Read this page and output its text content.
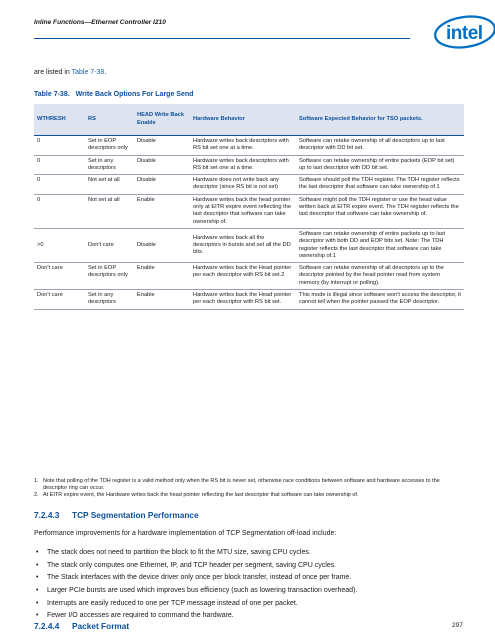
Inline Functions—Ethernet Controller I210
intel
are listed in Table 7-38.
Table 7-38. Write Back Options For Large Send
WTHRESH	RS	HEAD Write Back Enable	Hardware Behavior	Software Expected Behavior for TSO packets.
0	Set in EOP descriptors only	Disable	Hardware writes back descriptors with RS bit set one at a time.	Software can retake ownership of all descriptors up to last descriptor with DD bit set.
0	Set in any descriptors	Disable	Hardware writes back descriptors with RS bit set one at a time.	Software can retake ownership of entire packets (EOP bit set) up to last descriptor with DD bit set.
0	Not set at all	Disable	Hardware does not write back any descriptor (since RS bit is not set)	Software should poll the TDH register. The TDH register reflects the last descriptor that software can take ownership of.1
0	Not set at all	Enable	Hardware writes back the head pointer only at EITR expire event reflecting the last descriptor that software can take ownership of.	Software might poll the TDH register or use the head value written back at EITR expire event. The TDH register reflects the last descriptor that software can take ownership of.
>0	Don't care	Disable	Hardware writes back all the descriptors in bursts and set all the DD bits.	Software can retake ownership of entire packets up to last descriptor with both DD and EOP bits set. Note: The TDH register reflects the last descriptor that software can take ownership of.1
Don't care	Set in EOP descriptors only	Enable	Hardware writes back the Head pointer per each descriptor with RS bit set.2	Software can retake ownership of all descriptors up to the descriptor pointed by the head pointer read from system memory (by interrupt or polling).
Don't care	Set in any descriptors	Enable	Hardware writes back the Head pointer per each descriptor with RS bit set.	This mode is illegal since software won't access the descriptor, it cannot tell when the pointer passed the EOP descriptor.
1. Note that polling of the TDH register is a valid method only when the RS bit is never set, otherwise race conditions between software and hardware accesses to the descriptor ring can occur.
2. At EITR expire event, the Hardware writes back the head pointer reflecting the last descriptor that software can take ownership of.
7.2.4.3 TCP Segmentation Performance
Performance improvements for a hardware implementation of TCP Segmentation off-load include:
• The stack does not need to partition the block to fit the MTU size, saving CPU cycles.
• The stack only computes one Ethernet, IP, and TCP header per segment, saving CPU cycles.
• The Stack interfaces with the device driver only once per block transfer, instead of once per frame.
• Larger PCIe bursts are used which improves bus efficiency (such as lowering transaction overhead).
• Interrupts are easily reduced to one per TCP message instead of one per packet.
• Fewer I/O accesses are required to command the hardware.
7.2.4.4 Packet Format	297
